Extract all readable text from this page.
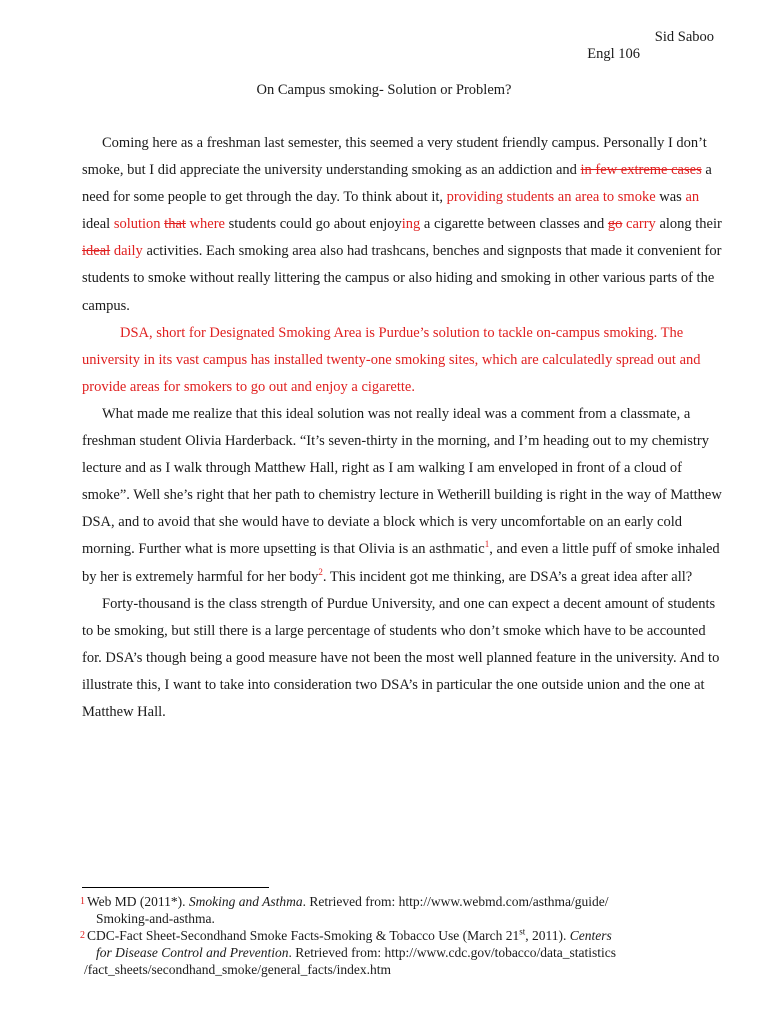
Sid Saboo
Engl 106
On Campus smoking- Solution or Problem?

Coming here as a freshman last semester, this seemed a very student friendly campus. Personally I don’t smoke, but I did appreciate the university understanding smoking as an addiction and in few extreme cases a need for some people to get through the day. To think about it, providing students an area to smoke was an ideal solution that where students could go about enjoying a cigarette between classes and go carry along their ideal daily activities. Each smoking area also had trashcans, benches and signposts that made it convenient for students to smoke without really littering the campus or also hiding and smoking in other various parts of the campus.

DSA, short for Designated Smoking Area is Purdue’s solution to tackle on-campus smoking. The university in its vast campus has installed twenty-one smoking sites, which are calculatedly spread out and provide areas for smokers to go out and enjoy a cigarette.

What made me realize that this ideal solution was not really ideal was a comment from a classmate, a freshman student Olivia Harderback. “It’s seven-thirty in the morning, and I’m heading out to my chemistry lecture and as I walk through Matthew Hall, right as I am walking I am enveloped in front of a cloud of smoke”. Well she’s right that her path to chemistry lecture in Wetherill building is right in the way of Matthew DSA, and to avoid that she would have to deviate a block which is very uncomfortable on an early cold morning. Further what is more upsetting is that Olivia is an asthmatic$^1$, and even a little puff of smoke inhaled by her is extremely harmful for her body$^2$. This incident got me thinking, are DSA’s a great idea after all?

Forty-thousand is the class strength of Purdue University, and one can expect a decent amount of students to be smoking, but still there is a large percentage of students who don’t smoke which have to be accounted for. DSA’s though being a good measure have not been the most well planned feature in the university. And to illustrate this, I want to take into consideration two DSA’s in particular the one outside union and the one at Matthew Hall.

1 Web MD (2011*). Smoking and Asthma. Retrieved from: http://www.webmd.com/asthma/guide/
Smoking-and-asthma.
2 CDC-Fact Sheet-Secondhand Smoke Facts-Smoking & Tobacco Use (March 21st, 2011). Centers
for Disease Control and Prevention. Retrieved from: http://www.cdc.gov/tobacco/data_statistics
/fact_sheets/secondhand_smoke/general_facts/index.htm
